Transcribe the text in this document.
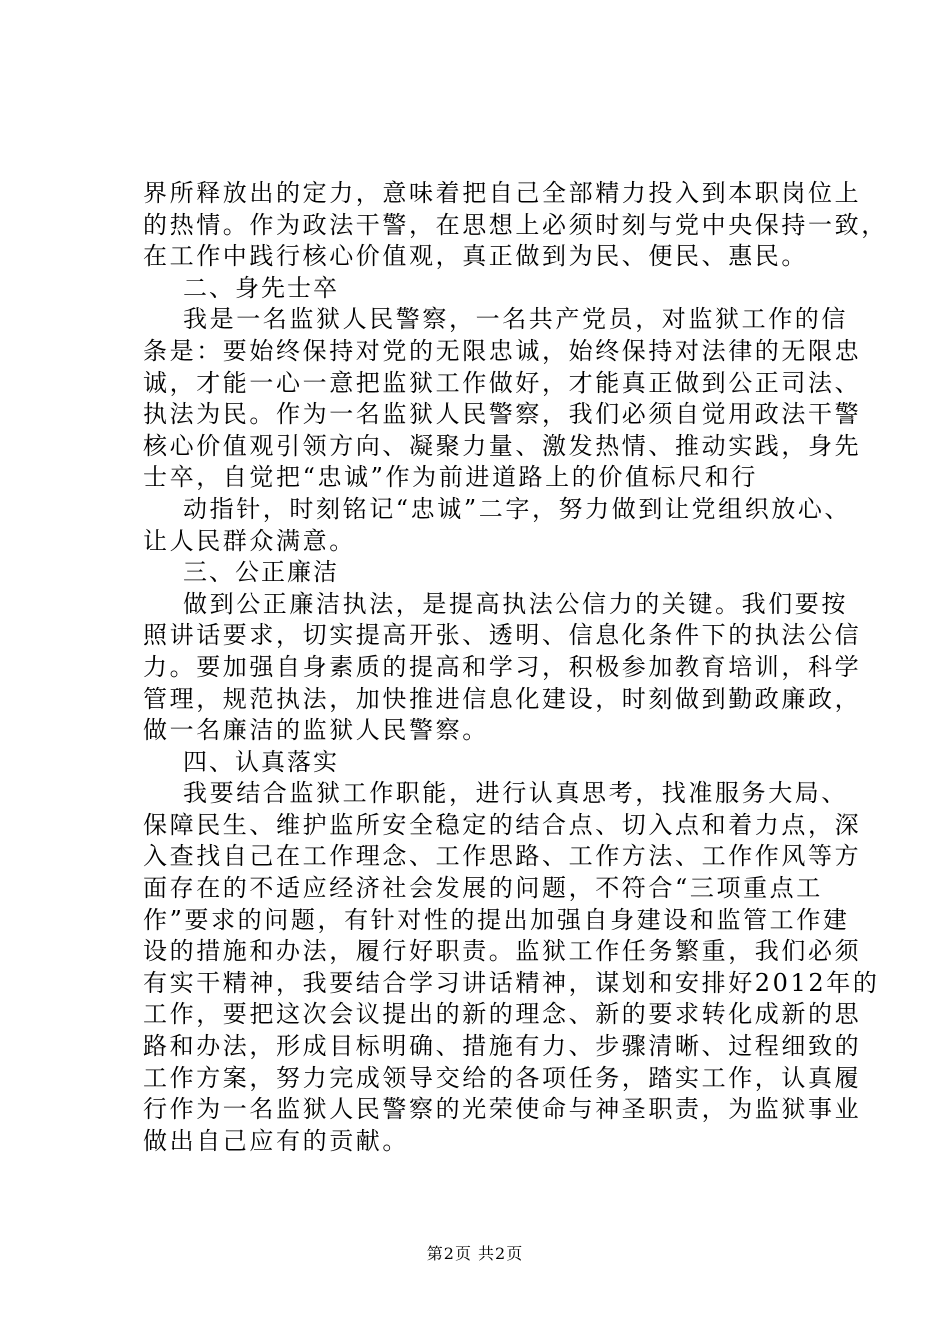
界所释放出的定力，意味着把自己全部精力投入到本职岗位上
的热情。作为政法干警，在思想上必须时刻与党中央保持一致，
在工作中践行核心价值观，真正做到为民、便民、惠民。
二、身先士卒
我是一名监狱人民警察，一名共产党员，对监狱工作的信
条是：要始终保持对党的无限忠诚，始终保持对法律的无限忠
诚，才能一心一意把监狱工作做好，才能真正做到公正司法、
执法为民。作为一名监狱人民警察，我们必须自觉用政法干警
核心价值观引领方向、凝聚力量、激发热情、推动实践，身先
士卒，自觉把“忠诚”作为前进道路上的价值标尺和行
动指针，时刻铭记“忠诚”二字，努力做到让党组织放心、
让人民群众满意。
三、公正廉洁
做到公正廉洁执法，是提高执法公信力的关键。我们要按
照讲话要求，切实提高开张、透明、信息化条件下的执法公信
力。要加强自身素质的提高和学习，积极参加教育培训，科学
管理，规范执法，加快推进信息化建设，时刻做到勤政廉政，
做一名廉洁的监狱人民警察。
四、认真落实
我要结合监狱工作职能，进行认真思考，找准服务大局、
保障民生、维护监所安全稳定的结合点、切入点和着力点，深
入查找自己在工作理念、工作思路、工作方法、工作作风等方
面存在的不适应经济社会发展的问题，不符合“三项重点工
作”要求的问题，有针对性的提出加强自身建设和监管工作建
设的措施和办法，履行好职责。监狱工作任务繁重，我们必须
有实干精神，我要结合学习讲话精神，谋划和安排好2012年的
工作，要把这次会议提出的新的理念、新的要求转化成新的思
路和办法，形成目标明确、措施有力、步骤清晰、过程细致的
工作方案，努力完成领导交给的各项任务，踏实工作，认真履
行作为一名监狱人民警察的光荣使命与神圣职责，为监狱事业
做出自己应有的贡献。
第2页 共2页
